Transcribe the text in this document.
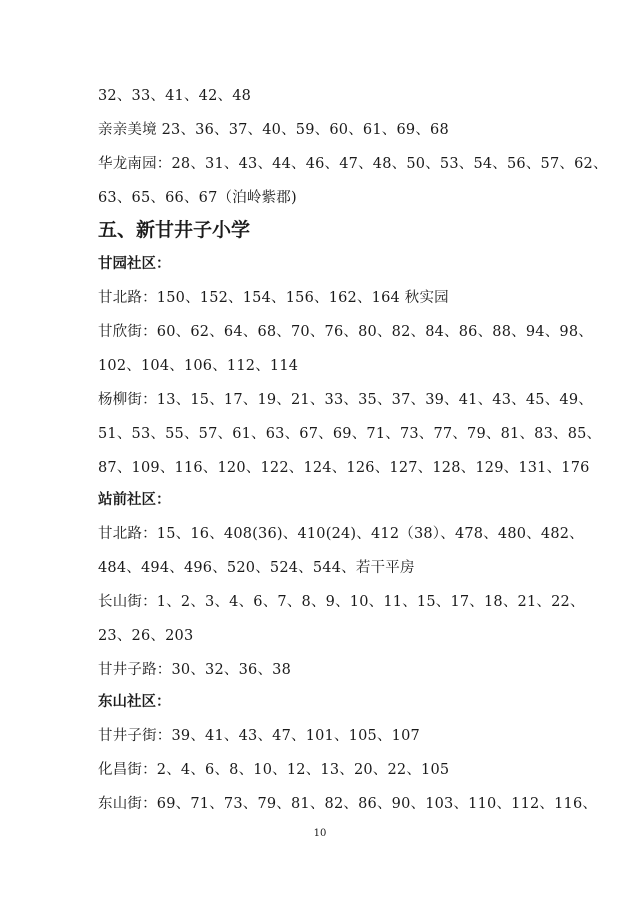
32、33、41、42、48
亲亲美境 23、36、37、40、59、60、61、69、68
华龙南园：28、31、43、44、46、47、48、50、53、54、56、57、62、
63、65、66、67（泊岭紫郡)
五、新甘井子小学
甘园社区：
甘北路：150、152、154、156、162、164 秋实园
甘欣街：60、62、64、68、70、76、80、82、84、86、88、94、98、
102、104、106、112、114
杨柳街：13、15、17、19、21、33、35、37、39、41、43、45、49、
51、53、55、57、61、63、67、69、71、73、77、79、81、83、85、
87、109、116、120、122、124、126、127、128、129、131、176
站前社区：
甘北路：15、16、408(36)、410(24)、412（38）、478、480、482、
484、494、496、520、524、544、若干平房
长山街：1、2、3、4、6、7、8、9、10、11、15、17、18、21、22、
23、26、203
甘井子路：30、32、36、38
东山社区：
甘井子街：39、41、43、47、101、105、107
化昌街：2、4、6、8、10、12、13、20、22、105
东山街：69、71、73、79、81、82、86、90、103、110、112、116、
10
